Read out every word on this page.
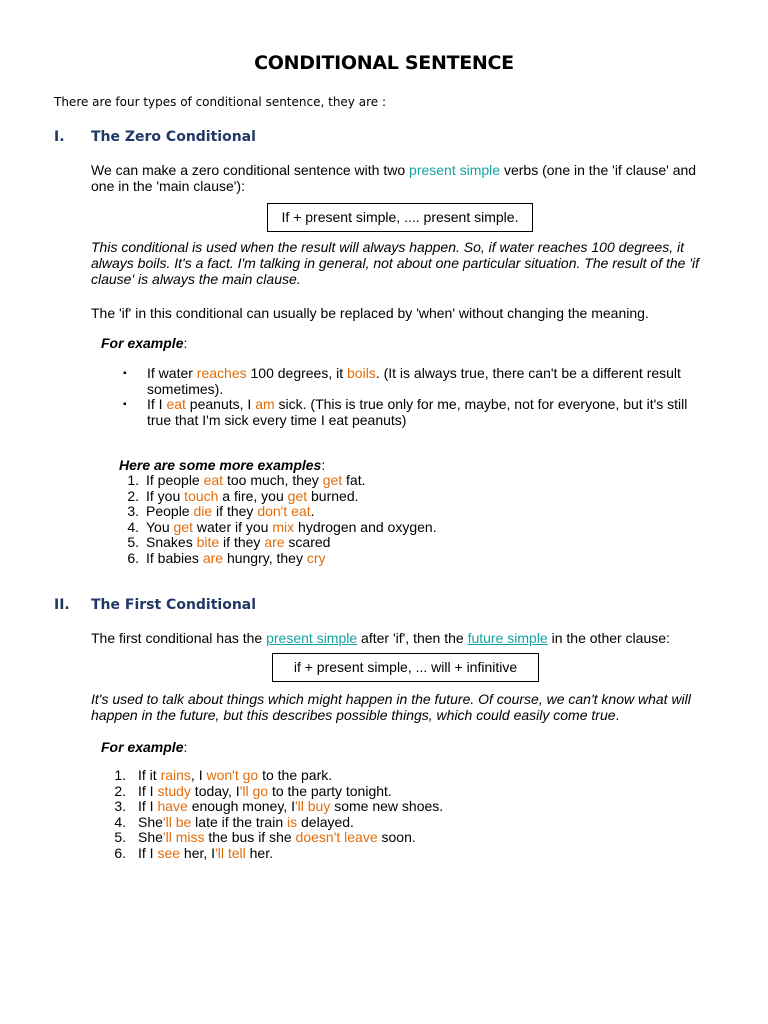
CONDITIONAL SENTENCE
There are four types of conditional sentence, they are :
I. The Zero Conditional
We can make a zero conditional sentence with two present simple verbs (one in the 'if clause' and one in the 'main clause'):
If + present simple, .... present simple.
This conditional is used when the result will always happen. So, if water reaches 100 degrees, it always boils. It's a fact. I'm talking in general, not about one particular situation. The result of the 'if clause' is always the main clause.
The 'if' in this conditional can usually be replaced by 'when' without changing the meaning.
For example:
▪ If water reaches 100 degrees, it boils. (It is always true, there can't be a different result sometimes).
▪ If I eat peanuts, I am sick. (This is true only for me, maybe, not for everyone, but it's still true that I'm sick every time I eat peanuts)
Here are some more examples:
1. If people eat too much, they get fat.
2. If you touch a fire, you get burned.
3. People die if they don't eat.
4. You get water if you mix hydrogen and oxygen.
5. Snakes bite if they are scared
6. If babies are hungry, they cry
II. The First Conditional
The first conditional has the present simple after 'if', then the future simple in the other clause:
if + present simple, ... will + infinitive
It's used to talk about things which might happen in the future. Of course, we can't know what will happen in the future, but this describes possible things, which could easily come true.
For example:
1. If it rains, I won't go to the park.
2. If I study today, I'll go to the party tonight.
3. If I have enough money, I'll buy some new shoes.
4. She'll be late if the train is delayed.
5. She'll miss the bus if she doesn't leave soon.
6. If I see her, I'll tell her.
